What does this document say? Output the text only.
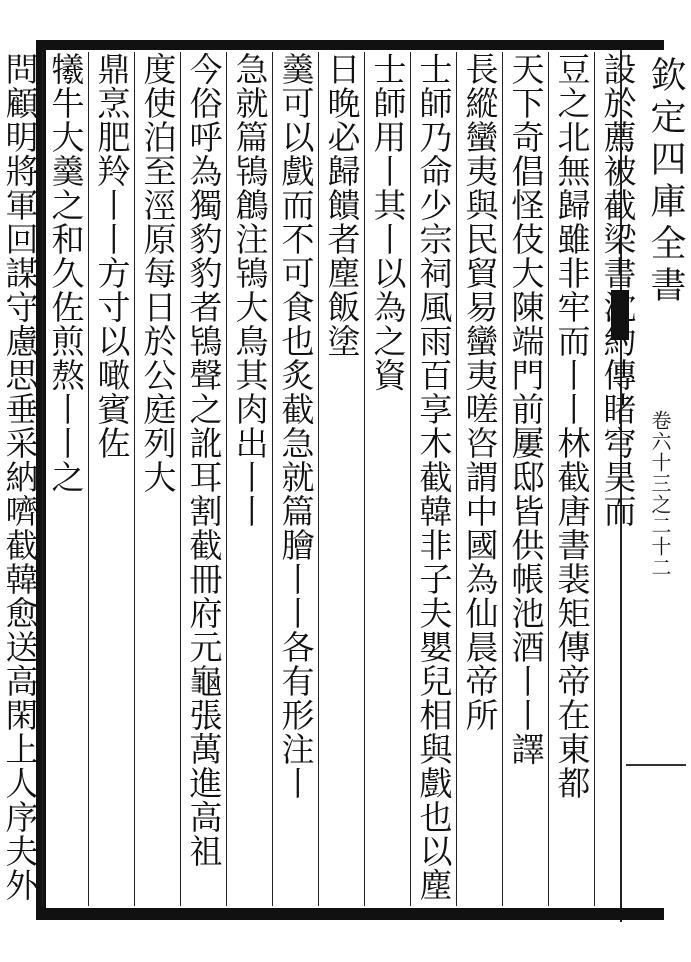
欽定四庫全書
卷六十三之二十二
設於薦被截梁書沈約傳睹穹昊而
豆之北無歸雖非牢而丨丨林截唐書裴矩傳帝在東都
天下奇倡怪伎大陳端門前屢邸皆供帳池酒丨丨譯
長縱蠻夷與民貿易蠻夷嗟咨謂中國為仙晨帝所
士師乃命少宗祠風雨百享木截韓非子夫嬰兒相與戲也以塵
士師用丨其丨以為之資
日晚必歸饋者塵飯塗
羹可以戲而不可食也炙截急就篇膾丨丨各有形注丨
急就篇鴇鶬注鴇大鳥其肉出丨丨
今俗呼為獨豹豹者鴇聲之訛耳割截冊府元龜張萬進高祖
度使泊至涇原每日於公庭列大
鼎烹肥羚丨丨方寸以噉賓佐
犧牛大羹之和久佐煎熬丨丨之
問顧明將軍回謀守慮思垂采納嚌截韓愈送高閑上人序夫外
